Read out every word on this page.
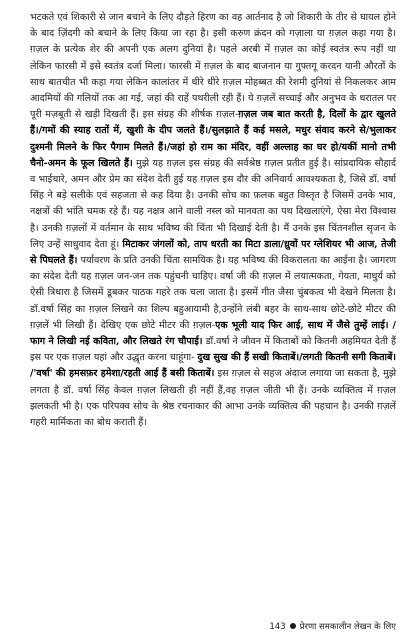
भटकते एवं शिकारी से जान बचाने के लिए दौड़ते हिरण का वह आर्तनाद है जो शिकारी के तीर से घायल होने के बाद ज़िंदगी को बचाने के लिए किया जा रहा है। इसी करुण क्रंदन को गज़ाला या ग़ज़ल कहा गया है। ग़ज़ल के प्रत्येक शेर की अपनी एक अलग दुनियां है। पहले अरबी में ग़ज़ल का कोई स्वतंत्र रूप नहीं था लेकिन फारसी में इसे स्वतंत्र दर्जा मिला। फारसी में ग़ज़ल के बाद बाजनान या गुफ्तगू करदन यानी औरतों के साथ बातचीत भी कहा गया लेकिन कालांतर में धीरे धीरे ग़ज़ल मोहब्बत की रेशमी दुनियां से निकलकर आम आदमियों की गलियों तक आ गई, जहां की राहें पथरीली रही हैं। ये ग़ज़लें सच्चाई और अनुभव के धरातल पर पूरी मज़बूती से खड़ी दिखती हैं। इस संग्रह की शीर्षक ग़ज़ल-ग़ज़ल जब बात करती है, दिलों के द्वार खुलते हैं।/गमों की स्याह रातों में, खुशी के दीप जलते हैं।/सुलझाते हैं कई मसले, मधुर संवाद करने से/भुलाकर दुश्मनी मिलने के फिर पैगाम मिलते हैं।/जहां हो राम का मंदिर, वहीं अल्लाह का घर हो/यकीं मानो तभी चैनो-अमन के फूल खिलते हैं। मुझे यह ग़ज़ल इस संग्रह की सर्वश्रेष्ठ ग़ज़ल प्रतीत हुई है। सांप्रदायिक सौहार्द व भाईचारे, अमन और प्रेम का संदेश देती हुई यह ग़ज़ल इस दौर की अनिवार्य आवश्यकता है, जिसे डॉ. वर्षा सिंह ने बड़े सलीके एवं सहजता से कह दिया है। उनकी सोच का फ़लक बहुत विस्तृत है जिसमें उनके भाव, नक्षत्रों की भांति चमक रहे हैं। यह नक्षत्र आने वाली नस्ल को मानवता का पथ दिखलाएंगे, ऐसा मेरा विश्वास है। उनकी ग़ज़लों में वर्तमान के साथ भविष्य की चिंता भी दिखाई देती है। मैं उनके इस चिंतनशील सृजन के लिए उन्हें साधुवाद देता हूं। मिटाकर जंगलों को, ताप धरती का मिटा डाला/ध्रुवों पर ग्लेशियर भी आज, तेजी से पिघलते हैं। पर्यावरण के प्रति उनकी चिंता सामयिक है। यह भविष्य की विकरालता का आईना है। जागरण का संदेश देती यह ग़ज़ल जन-जन तक पहुंचनी चाहिए। वर्षा जी की ग़ज़ल में लयात्मकता, गेयता, माधुर्य को ऐसी त्रिधारा है जिसमें डूबकर पाठक गहरे तक चला जाता है। इसमें गीत जैसा चुंबकत्व भी देखने मिलता है। डॉ.वर्षा सिंह का ग़ज़ल लिखने का शिल्प बहुआयामी है,उन्होंने लंबी बहर के साथ-साथ छोटे-छोटे मीटर की ग़ज़लें भी लिखी हैं। देखिए एक छोटे मीटर की ग़ज़ल-एक भूली याद फिर आई, साथ में जैसे तुम्हें लाई। /फाग ने लिखी नई कविता, और लिखते रंग चौपाई। डॉ.वर्षा ने जीवन में किताबों को कितनी अहमियत देती हैं इस पर एक ग़ज़ल यहां और उद्धृत करना चाहूंगा- दुख सुख की हैं सखी किताबें।/लगती कितनी सगी किताबें। /'वर्षा' की हमसफ़र हमेशा/रहती आई हैं बसी किताबें। इस ग़ज़ल से सहज अंदाज लगाया जा सकता है, मुझे लगता है डॉ. वर्षा सिंह केवल ग़ज़ल लिखती ही नहीं हैं,वह ग़ज़ल जीती भी हैं। उनके व्यक्तित्व में ग़ज़ल झलकती भी है। एक परिपक्व सोच के श्रेष्ठ रचनाकार की आभा उनके व्यक्तित्व की पहचान है। उनकी ग़ज़लें गहरी मार्मिकता का बोध कराती हैं।
143 प्रेरणा समकालीन लेखन के लिए
